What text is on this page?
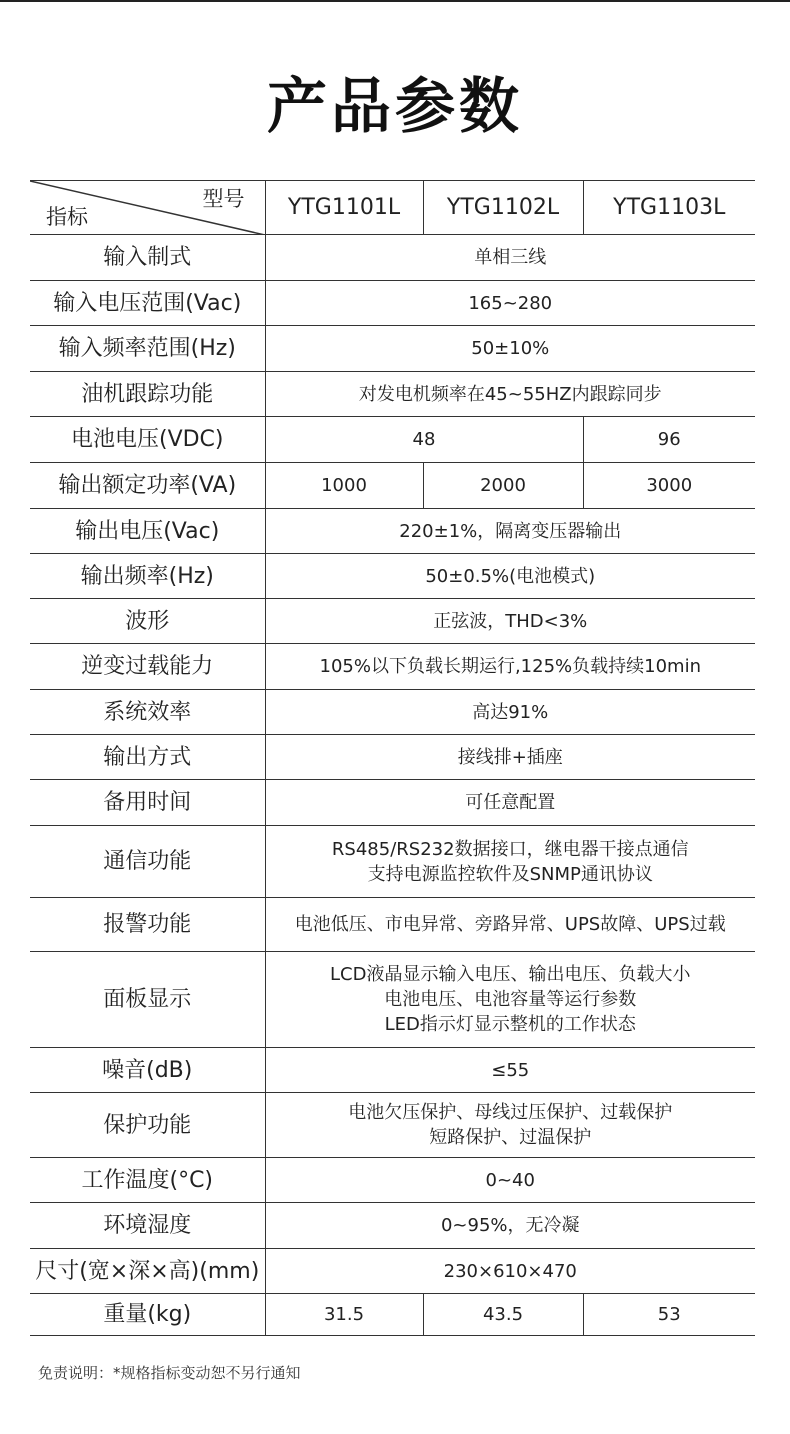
产品参数
型号
指标	YTG1101L	YTG1102L	YTG1103L
输入制式	单相三线		
输入电压范围(Vac)	165~280		
输入频率范围(Hz)	50±10%		
油机跟踪功能	对发电机频率在45~55HZ内跟踪同步		
电池电压(VDC)	48		96
输出额定功率(VA)	1000	2000	3000
输出电压(Vac)	220±1%，隔离变压器输出		
输出频率(Hz)	50±0.5%(电池模式)		
波形	正弦波，THD<3%		
逆变过载能力	105%以下负载长期运行,125%负载持续10min		
系统效率	高达91%		
输出方式	接线排+插座		
备用时间	可任意配置		
通信功能	RS485/RS232数据接口，继电器干接点通信
支持电源监控软件及SNMP通讯协议		

报警功能	电池低压、市电异常、旁路异常、UPS故障、UPS过载		
面板显示	LCD液晶显示输入电压、输出电压、负载大小
电池电压、电池容量等运行参数
LED指示灯显示整机的工作状态		

噪音(dB)	≤55		
保护功能	电池欠压保护、母线过压保护、过载保护
短路保护、过温保护		

工作温度(°C)	0~40		
环境湿度	0~95%，无冷凝		
尺寸(宽×深×高)(mm)	230×610×470		
重量(kg)	31.5	43.5	53
免责说明：*规格指标变动恕不另行通知
